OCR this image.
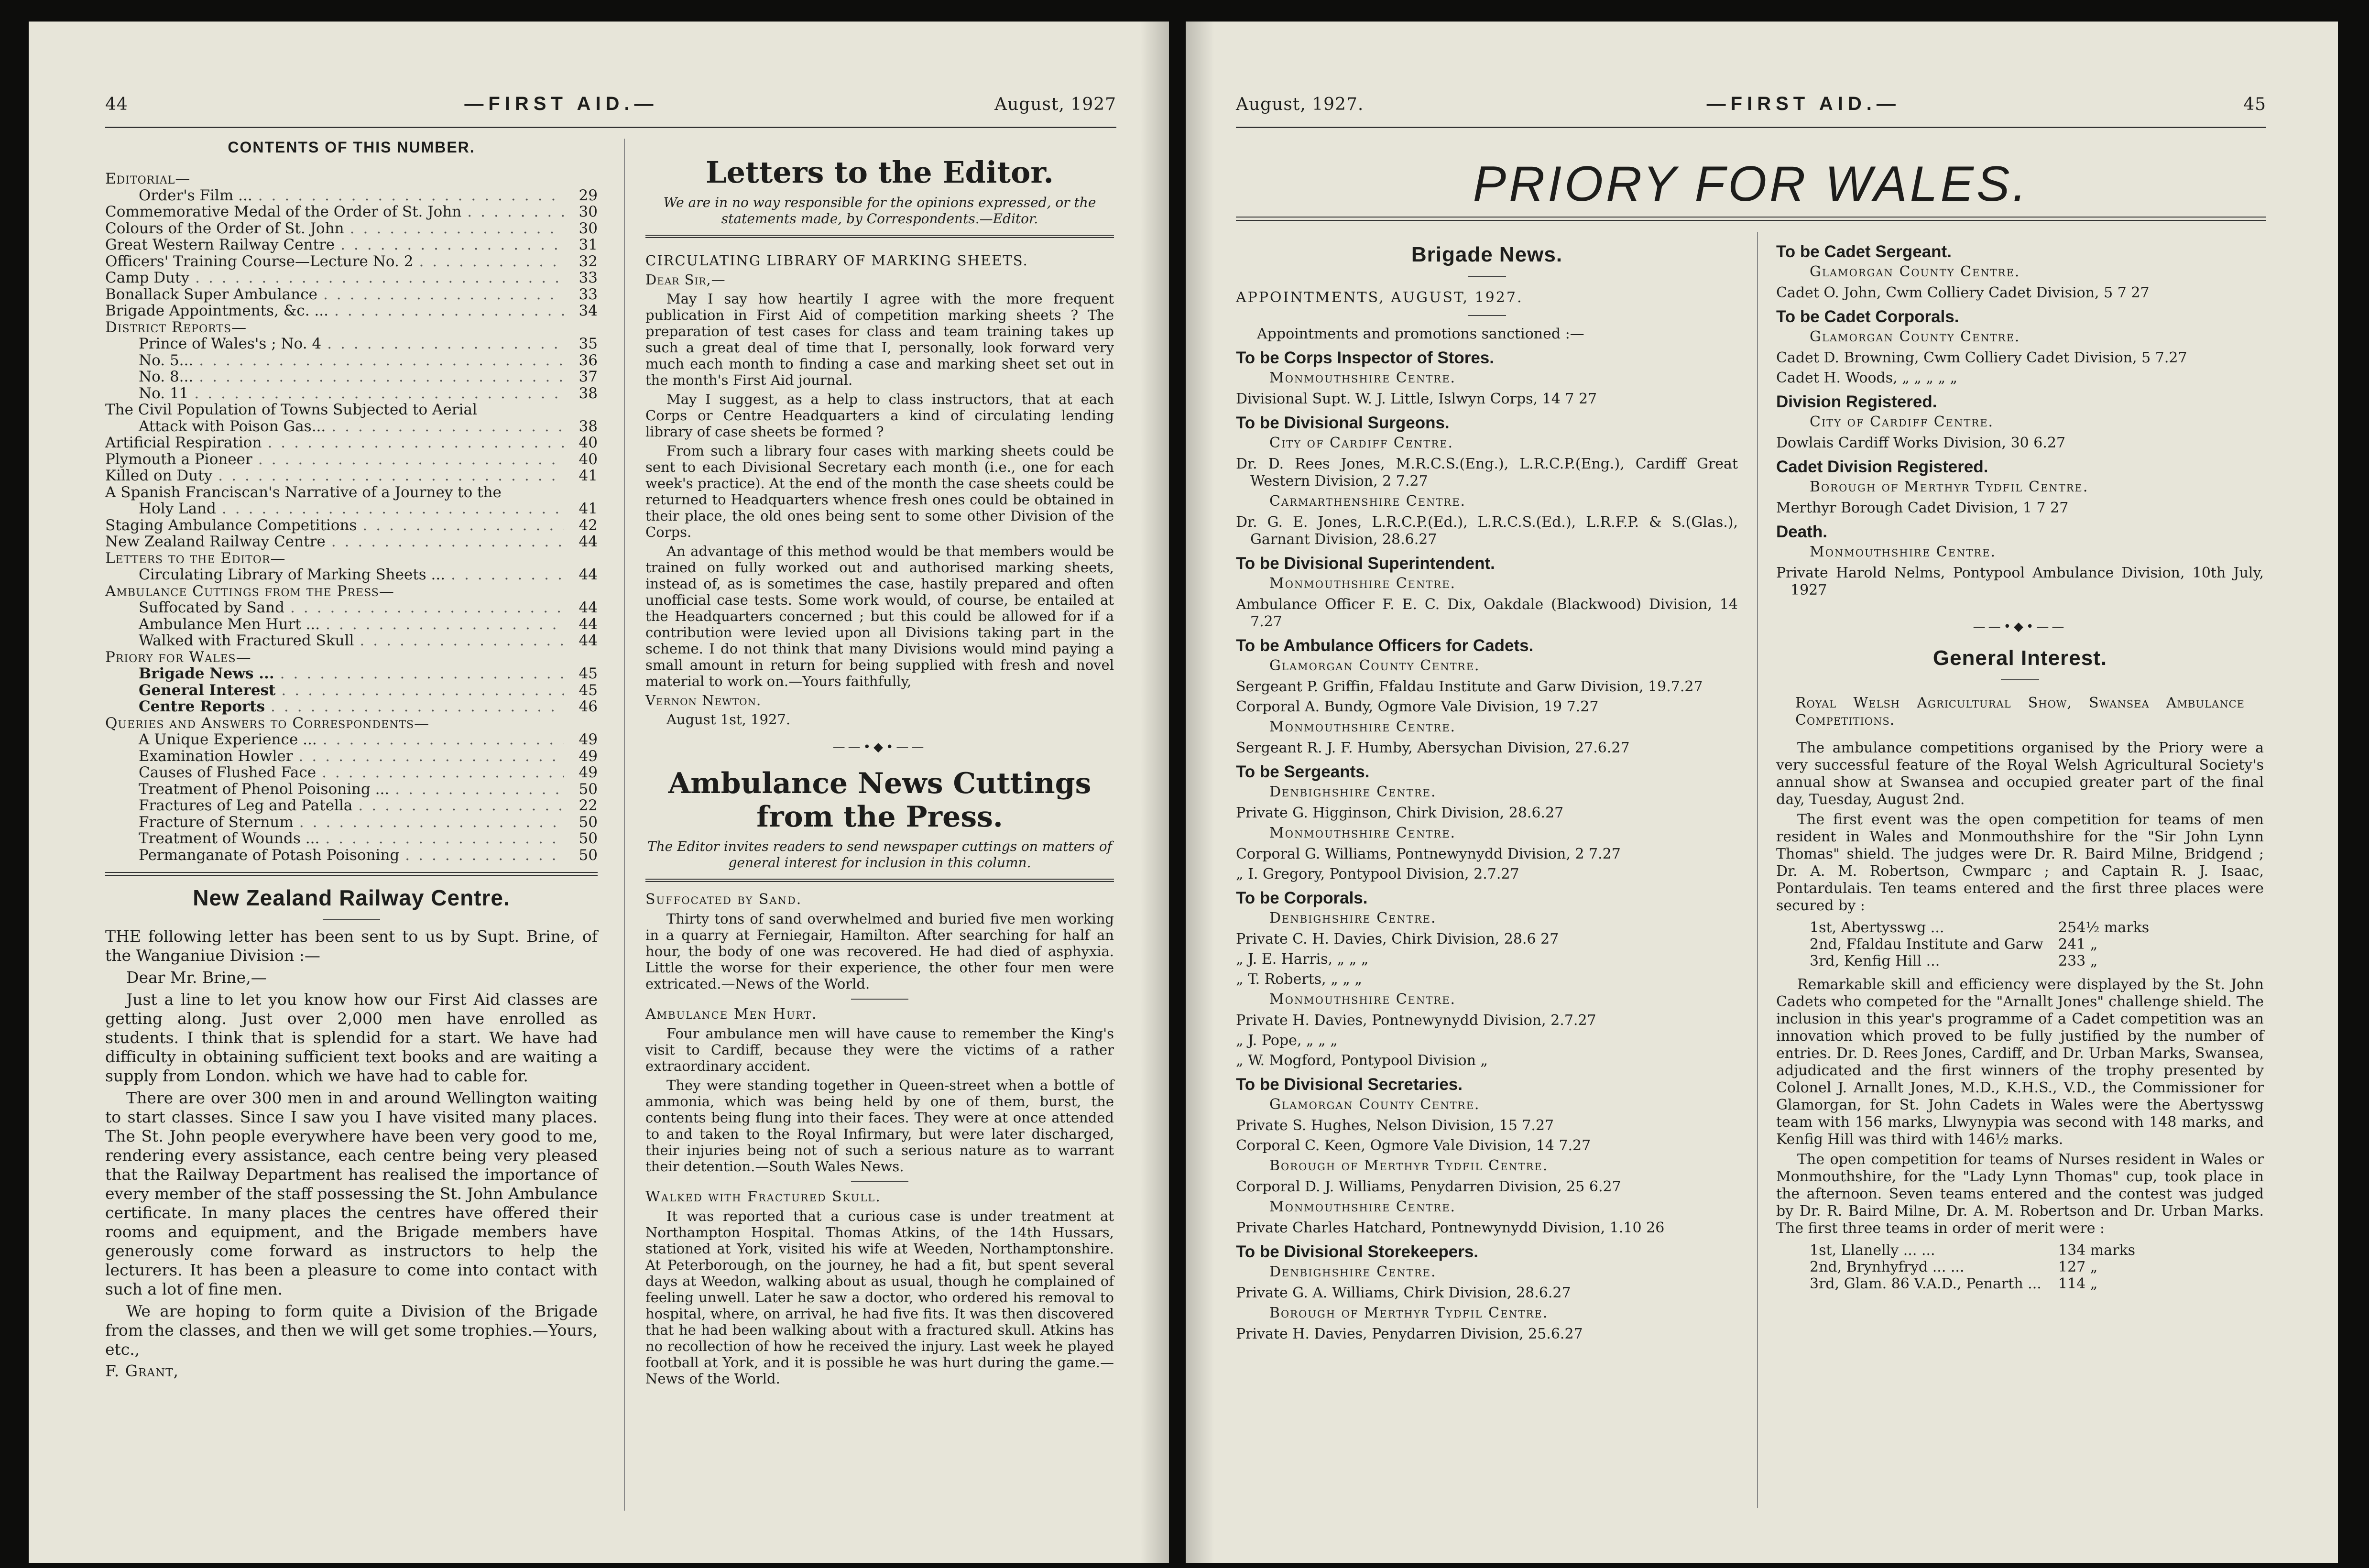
44	—FIRST AID.—	August, 1927
CONTENTS OF THIS NUMBER.
Editorial—
Order's Film ... .....	29
Commemorative Medal of the Order of St. John .....	30
Colours of the Order of St. John .....	30
Great Western Railway Centre .....	31
Officers' Training Course—Lecture No. 2 .....	32
Camp Duty .....	33
Bonallack Super Ambulance .....	33
Brigade Appointments, &c. ... .....	34
District Reports—
Prince of Wales's ; No. 4 .....	35
No. 5... .....	36
No. 8... .....	37
No. 11 .....	38
The Civil Population of Towns Subjected to Aerial
Attack with Poison Gas... .....	38
Artificial Respiration .....	40
Plymouth a Pioneer .....	40
Killed on Duty .....	41
A Spanish Franciscan's Narrative of a Journey to the
Holy Land .....	41
Staging Ambulance Competitions .....	42
New Zealand Railway Centre .....	44
Letters to the Editor—
Circulating Library of Marking Sheets ... .....	44
Ambulance Cuttings from the Press—
Suffocated by Sand .....	44
Ambulance Men Hurt ... .....	44
Walked with Fractured Skull .....	44
Priory for Wales—
Brigade News ... .....	45
General Interest .....	45
Centre Reports .....	46
Queries and Answers to Correspondents—
A Unique Experience ... .....	49
Examination Howler .....	49
Causes of Flushed Face .....	49
Treatment of Phenol Poisoning ... .....	50
Fractures of Leg and Patella .....	22
Fracture of Sternum .....	50
Treatment of Wounds ... .....	50
Permanganate of Potash Poisoning .....	50
New Zealand Railway Centre.

THE following letter has been sent to us by Supt. Brine, of the Wanganiue Division :—

Dear Mr. Brine,—

Just a line to let you know how our First Aid classes are getting along. Just over 2,000 men have enrolled as students. I think that is splendid for a start. We have had difficulty in obtaining sufficient text books and are waiting a supply from London. which we have had to cable for.

There are over 300 men in and around Wellington waiting to start classes. Since I saw you I have visited many places. The St. John people everywhere have been very good to me, rendering every assistance, each centre being very pleased that the Railway Department has realised the importance of every member of the staff possessing the St. John Ambulance certificate. In many places the centres have offered their rooms and equipment, and the Brigade members have generously come forward as instructors to help the lecturers. It has been a pleasure to come into contact with such a lot of fine men.

We are hoping to form quite a Division of the Brigade from the classes, and then we will get some trophies.—Yours, etc.,

F. Grant,

Letters to the Editor.
We are in no way responsible for the opinions expressed, or the statements made, by Correspondents.—Editor.

CIRCULATING LIBRARY OF MARKING SHEETS.

Dear Sir,—

May I say how heartily I agree with the more frequent publication in First Aid of competition marking sheets ? The preparation of test cases for class and team training takes up such a great deal of time that I, personally, look forward very much each month to finding a case and marking sheet set out in the month's First Aid journal.

May I suggest, as a help to class instructors, that at each Corps or Centre Headquarters a kind of circulating lending library of case sheets be formed ?

From such a library four cases with marking sheets could be sent to each Divisional Secretary each month (i.e., one for each week's practice). At the end of the month the case sheets could be returned to Headquarters whence fresh ones could be obtained in their place, the old ones being sent to some other Division of the Corps.

An advantage of this method would be that members would be trained on fully worked out and authorised marking sheets, instead of, as is sometimes the case, hastily prepared and often unofficial case tests. Some work would, of course, be entailed at the Headquarters concerned ; but this could be allowed for if a contribution were levied upon all Divisions taking part in the scheme. I do not think that many Divisions would mind paying a small amount in return for being supplied with fresh and novel material to work on.—Yours faithfully,

Vernon Newton.

August 1st, 1927.

——•◆•——
Ambulance News Cuttings from the Press.
The Editor invites readers to send newspaper cuttings on matters of general interest for inclusion in this column.

Suffocated by Sand.

Thirty tons of sand overwhelmed and buried five men working in a quarry at Ferniegair, Hamilton. After searching for half an hour, the body of one was recovered. He had died of asphyxia. Little the worse for their experience, the other four men were extricated.—News of the World.

Ambulance Men Hurt.

Four ambulance men will have cause to remember the King's visit to Cardiff, because they were the victims of a rather extraordinary accident.

They were standing together in Queen-street when a bottle of ammonia, which was being held by one of them, burst, the contents being flung into their faces. They were at once attended to and taken to the Royal Infirmary, but were later discharged, their injuries being not of such a serious nature as to warrant their detention.—South Wales News.

Walked with Fractured Skull.

It was reported that a curious case is under treatment at Northampton Hospital. Thomas Atkins, of the 14th Hussars, stationed at York, visited his wife at Weeden, Northamptonshire. At Peterborough, on the journey, he had a fit, but spent several days at Weedon, walking about as usual, though he complained of feeling unwell. Later he saw a doctor, who ordered his removal to hospital, where, on arrival, he had five fits. It was then discovered that he had been walking about with a fractured skull. Atkins has no recollection of how he received the injury. Last week he played football at York, and it is possible he was hurt during the game.—News of the World.

August, 1927.	—FIRST AID.—	45
PRIORY FOR WALES.
Brigade News.

APPOINTMENTS, AUGUST, 1927.

Appointments and promotions sanctioned :—

To be Corps Inspector of Stores.
Monmouthshire Centre.

Divisional Supt. W. J. Little, Islwyn Corps, 14 7 27

To be Divisional Surgeons.
City of Cardiff Centre.

Dr. D. Rees Jones, M.R.C.S.(Eng.), L.R.C.P.(Eng.), Cardiff Great Western Division, 2 7.27

Carmarthenshire Centre.

Dr. G. E. Jones, L.R.C.P.(Ed.), L.R.C.S.(Ed.), L.R.F.P. & S.(Glas.), Garnant Division, 28.6.27

To be Divisional Superintendent.
Monmouthshire Centre.

Ambulance Officer F. E. C. Dix, Oakdale (Blackwood) Division, 14 7.27

To be Ambulance Officers for Cadets.
Glamorgan County Centre.

Sergeant P. Griffin, Ffaldau Institute and Garw Division, 19.7.27

Corporal A. Bundy, Ogmore Vale Division, 19 7.27

Monmouthshire Centre.

Sergeant R. J. F. Humby, Abersychan Division, 27.6.27

To be Sergeants.
Denbighshire Centre.

Private G. Higginson, Chirk Division, 28.6.27

Monmouthshire Centre.

Corporal G. Williams, Pontnewynydd Division, 2 7.27

„ I. Gregory, Pontypool Division, 2.7.27

To be Corporals.
Denbighshire Centre.

Private C. H. Davies, Chirk Division, 28.6 27

„ J. E. Harris, „ „ „

„ T. Roberts, „ „ „

Monmouthshire Centre.

Private H. Davies, Pontnewynydd Division, 2.7.27

„ J. Pope, „ „ „

„ W. Mogford, Pontypool Division „

To be Divisional Secretaries.
Glamorgan County Centre.

Private S. Hughes, Nelson Division, 15 7.27

Corporal C. Keen, Ogmore Vale Division, 14 7.27

Borough of Merthyr Tydfil Centre.

Corporal D. J. Williams, Penydarren Division, 25 6.27

Monmouthshire Centre.

Private Charles Hatchard, Pontnewynydd Division, 1.10 26

To be Divisional Storekeepers.
Denbighshire Centre.

Private G. A. Williams, Chirk Division, 28.6.27

Borough of Merthyr Tydfil Centre.

Private H. Davies, Penydarren Division, 25.6.27

To be Cadet Sergeant.
Glamorgan County Centre.

Cadet O. John, Cwm Colliery Cadet Division, 5 7 27

To be Cadet Corporals.
Glamorgan County Centre.

Cadet D. Browning, Cwm Colliery Cadet Division, 5 7.27

Cadet H. Woods, „ „ „ „ „

Division Registered.
City of Cardiff Centre.

Dowlais Cardiff Works Division, 30 6.27

Cadet Division Registered.
Borough of Merthyr Tydfil Centre.

Merthyr Borough Cadet Division, 1 7 27

Death.
Monmouthshire Centre.

Private Harold Nelms, Pontypool Ambulance Division, 10th July, 1927

——•◆•——
General Interest.

Royal Welsh Agricultural Show, Swansea Ambulance Competitions.

The ambulance competitions organised by the Priory were a very successful feature of the Royal Welsh Agricultural Society's annual show at Swansea and occupied greater part of the final day, Tuesday, August 2nd.

The first event was the open competition for teams of men resident in Wales and Monmouthshire for the "Sir John Lynn Thomas" shield. The judges were Dr. R. Baird Milne, Bridgend ; Dr. A. M. Robertson, Cwmparc ; and Captain R. J. Isaac, Pontardulais. Ten teams entered and the first three places were secured by :

1st, Abertysswg ...	254½ marks
2nd, Ffaldau Institute and Garw	241 „
3rd, Kenfig Hill ...	233 „

Remarkable skill and efficiency were displayed by the St. John Cadets who competed for the "Arnallt Jones" challenge shield. The inclusion in this year's programme of a Cadet competition was an innovation which proved to be fully justified by the number of entries. Dr. D. Rees Jones, Cardiff, and Dr. Urban Marks, Swansea, adjudicated and the first winners of the trophy presented by Colonel J. Arnallt Jones, M.D., K.H.S., V.D., the Commissioner for Glamorgan, for St. John Cadets in Wales were the Abertysswg team with 156 marks, Llwynypia was second with 148 marks, and Kenfig Hill was third with 146½ marks.

The open competition for teams of Nurses resident in Wales or Monmouthshire, for the "Lady Lynn Thomas" cup, took place in the afternoon. Seven teams entered and the contest was judged by Dr. R. Baird Milne, Dr. A. M. Robertson and Dr. Urban Marks. The first three teams in order of merit were :

1st, Llanelly ... ...	134 marks
2nd, Brynhyfryd ... ...	127 „
3rd, Glam. 86 V.A.D., Penarth ...	114 „
